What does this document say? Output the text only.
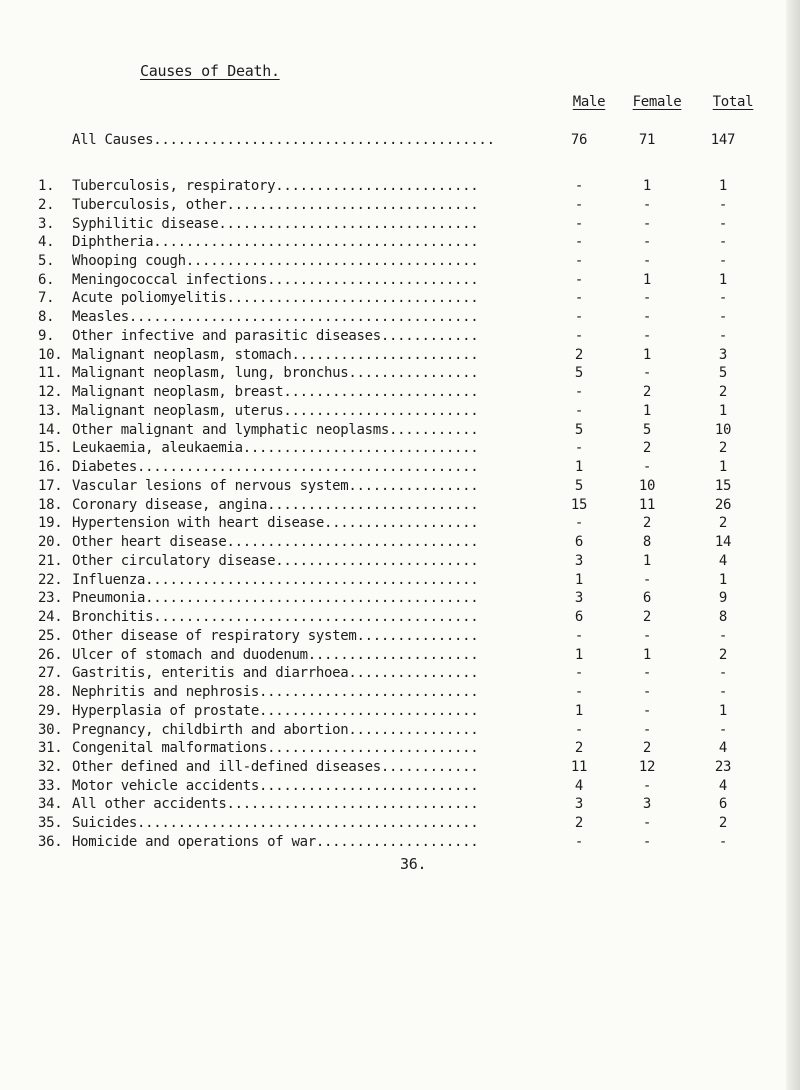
Causes of Death.
Male	Female	Total
All Causes..........................................	76	71	147
1.	Tuberculosis, respiratory.........................	-	1	1
2.	Tuberculosis, other...............................	-	-	-
3.	Syphilitic disease................................	-	-	-
4.	Diphtheria........................................	-	-	-
5.	Whooping cough....................................	-	-	-
6.	Meningococcal infections..........................	-	1	1
7.	Acute poliomyelitis...............................	-	-	-
8.	Measles...........................................	-	-	-
9.	Other infective and parasitic diseases............	-	-	-
10. Malignant neoplasm, stomach.......................	2	1	3
11. Malignant neoplasm, lung, bronchus................	5	-	5
12. Malignant neoplasm, breast........................	-	2	2
13. Malignant neoplasm, uterus........................	-	1	1
14. Other malignant and lymphatic neoplasms...........	5	5	10
15. Leukaemia, aleukaemia.............................	-	2	2
16. Diabetes..........................................	1	-	1
17. Vascular lesions of nervous system................	5	10	15
18. Coronary disease, angina..........................	15	11	26
19. Hypertension with heart disease...................	-	2	2
20. Other heart disease...............................	6	8	14
21. Other circulatory disease.........................	3	1	4
22. Influenza.........................................	1	-	1
23. Pneumonia.........................................	3	6	9
24. Bronchitis........................................	6	2	8
25. Other disease of respiratory system...............	-	-	-
26. Ulcer of stomach and duodenum.....................	1	1	2
27. Gastritis, enteritis and diarrhoea................	-	-	-
28. Nephritis and nephrosis...........................	-	-	-
29. Hyperplasia of prostate...........................	1	-	1
30. Pregnancy, childbirth and abortion................	-	-	-
31. Congenital malformations..........................	2	2	4
32. Other defined and ill-defined diseases............	11	12	23
33. Motor vehicle accidents...........................	4	-	4
34. All other accidents...............................	3	3	6
35. Suicides..........................................	2	-	2
36. Homicide and operations of war....................	-	-	-
36.
